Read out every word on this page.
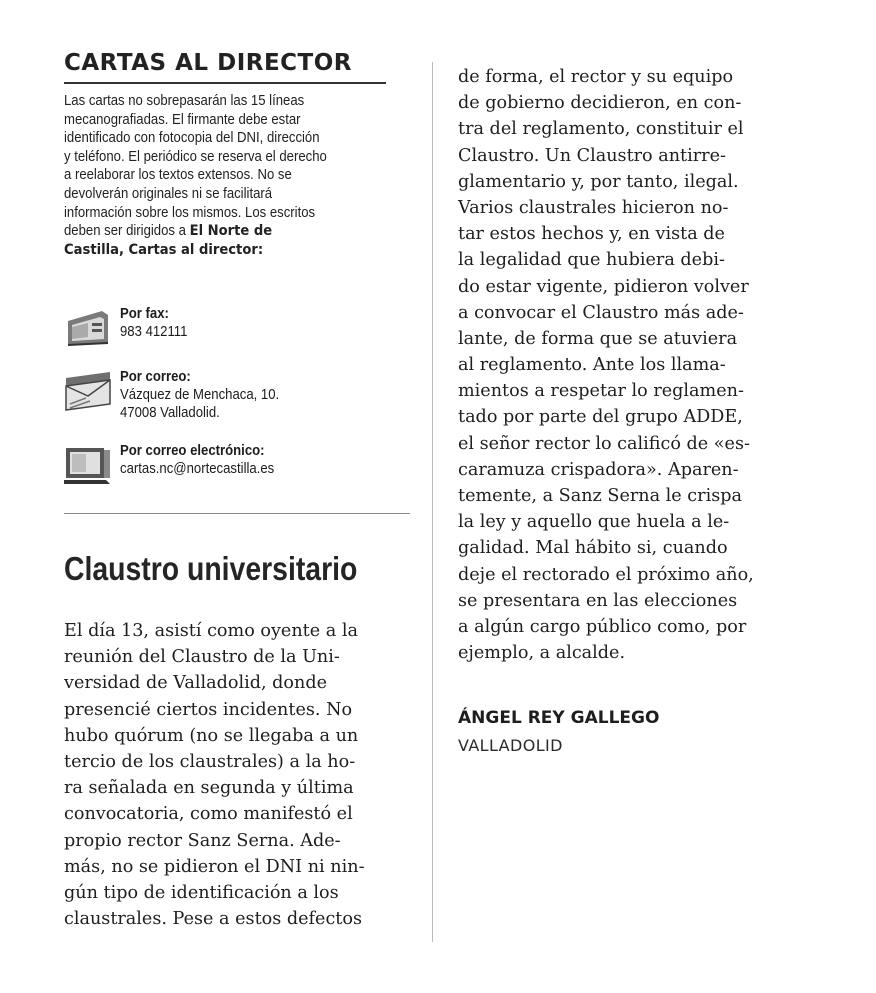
CARTAS AL DIRECTOR
Las cartas no sobrepasarán las 15 líneas
mecanografiadas. El firmante debe estar
identificado con fotocopia del DNI, dirección
y teléfono. El periódico se reserva el derecho
a reelaborar los textos extensos. No se
devolverán originales ni se facilitará
información sobre los mismos. Los escritos
deben ser dirigidos a El Norte de
Castilla, Cartas al director:
Por fax:
983 412111
Por correo:
Vázquez de Menchaca, 10.
47008 Valladolid.
Por correo electrónico:
cartas.nc@nortecastilla.es
Claustro universitario
El día 13, asistí como oyente a la
reunión del Claustro de la Uni-
versidad de Valladolid, donde
presencié ciertos incidentes. No
hubo quórum (no se llegaba a un
tercio de los claustrales) a la ho-
ra señalada en segunda y última
convocatoria, como manifestó el
propio rector Sanz Serna. Ade-
más, no se pidieron el DNI ni nin-
gún tipo de identificación a los
claustrales. Pese a estos defectos
de forma, el rector y su equipo
de gobierno decidieron, en con-
tra del reglamento, constituir el
Claustro. Un Claustro antirre-
glamentario y, por tanto, ilegal.
Varios claustrales hicieron no-
tar estos hechos y, en vista de
la legalidad que hubiera debi-
do estar vigente, pidieron volver
a convocar el Claustro más ade-
lante, de forma que se atuviera
al reglamento. Ante los llama-
mientos a respetar lo reglamen-
tado por parte del grupo ADDE,
el señor rector lo calificó de «es-
caramuza crispadora». Aparen-
temente, a Sanz Serna le crispa
la ley y aquello que huela a le-
galidad. Mal hábito si, cuando
deje el rectorado el próximo año,
se presentara en las elecciones
a algún cargo público como, por
ejemplo, a alcalde.

ÁNGEL REY GALLEGO

VALLADOLID
